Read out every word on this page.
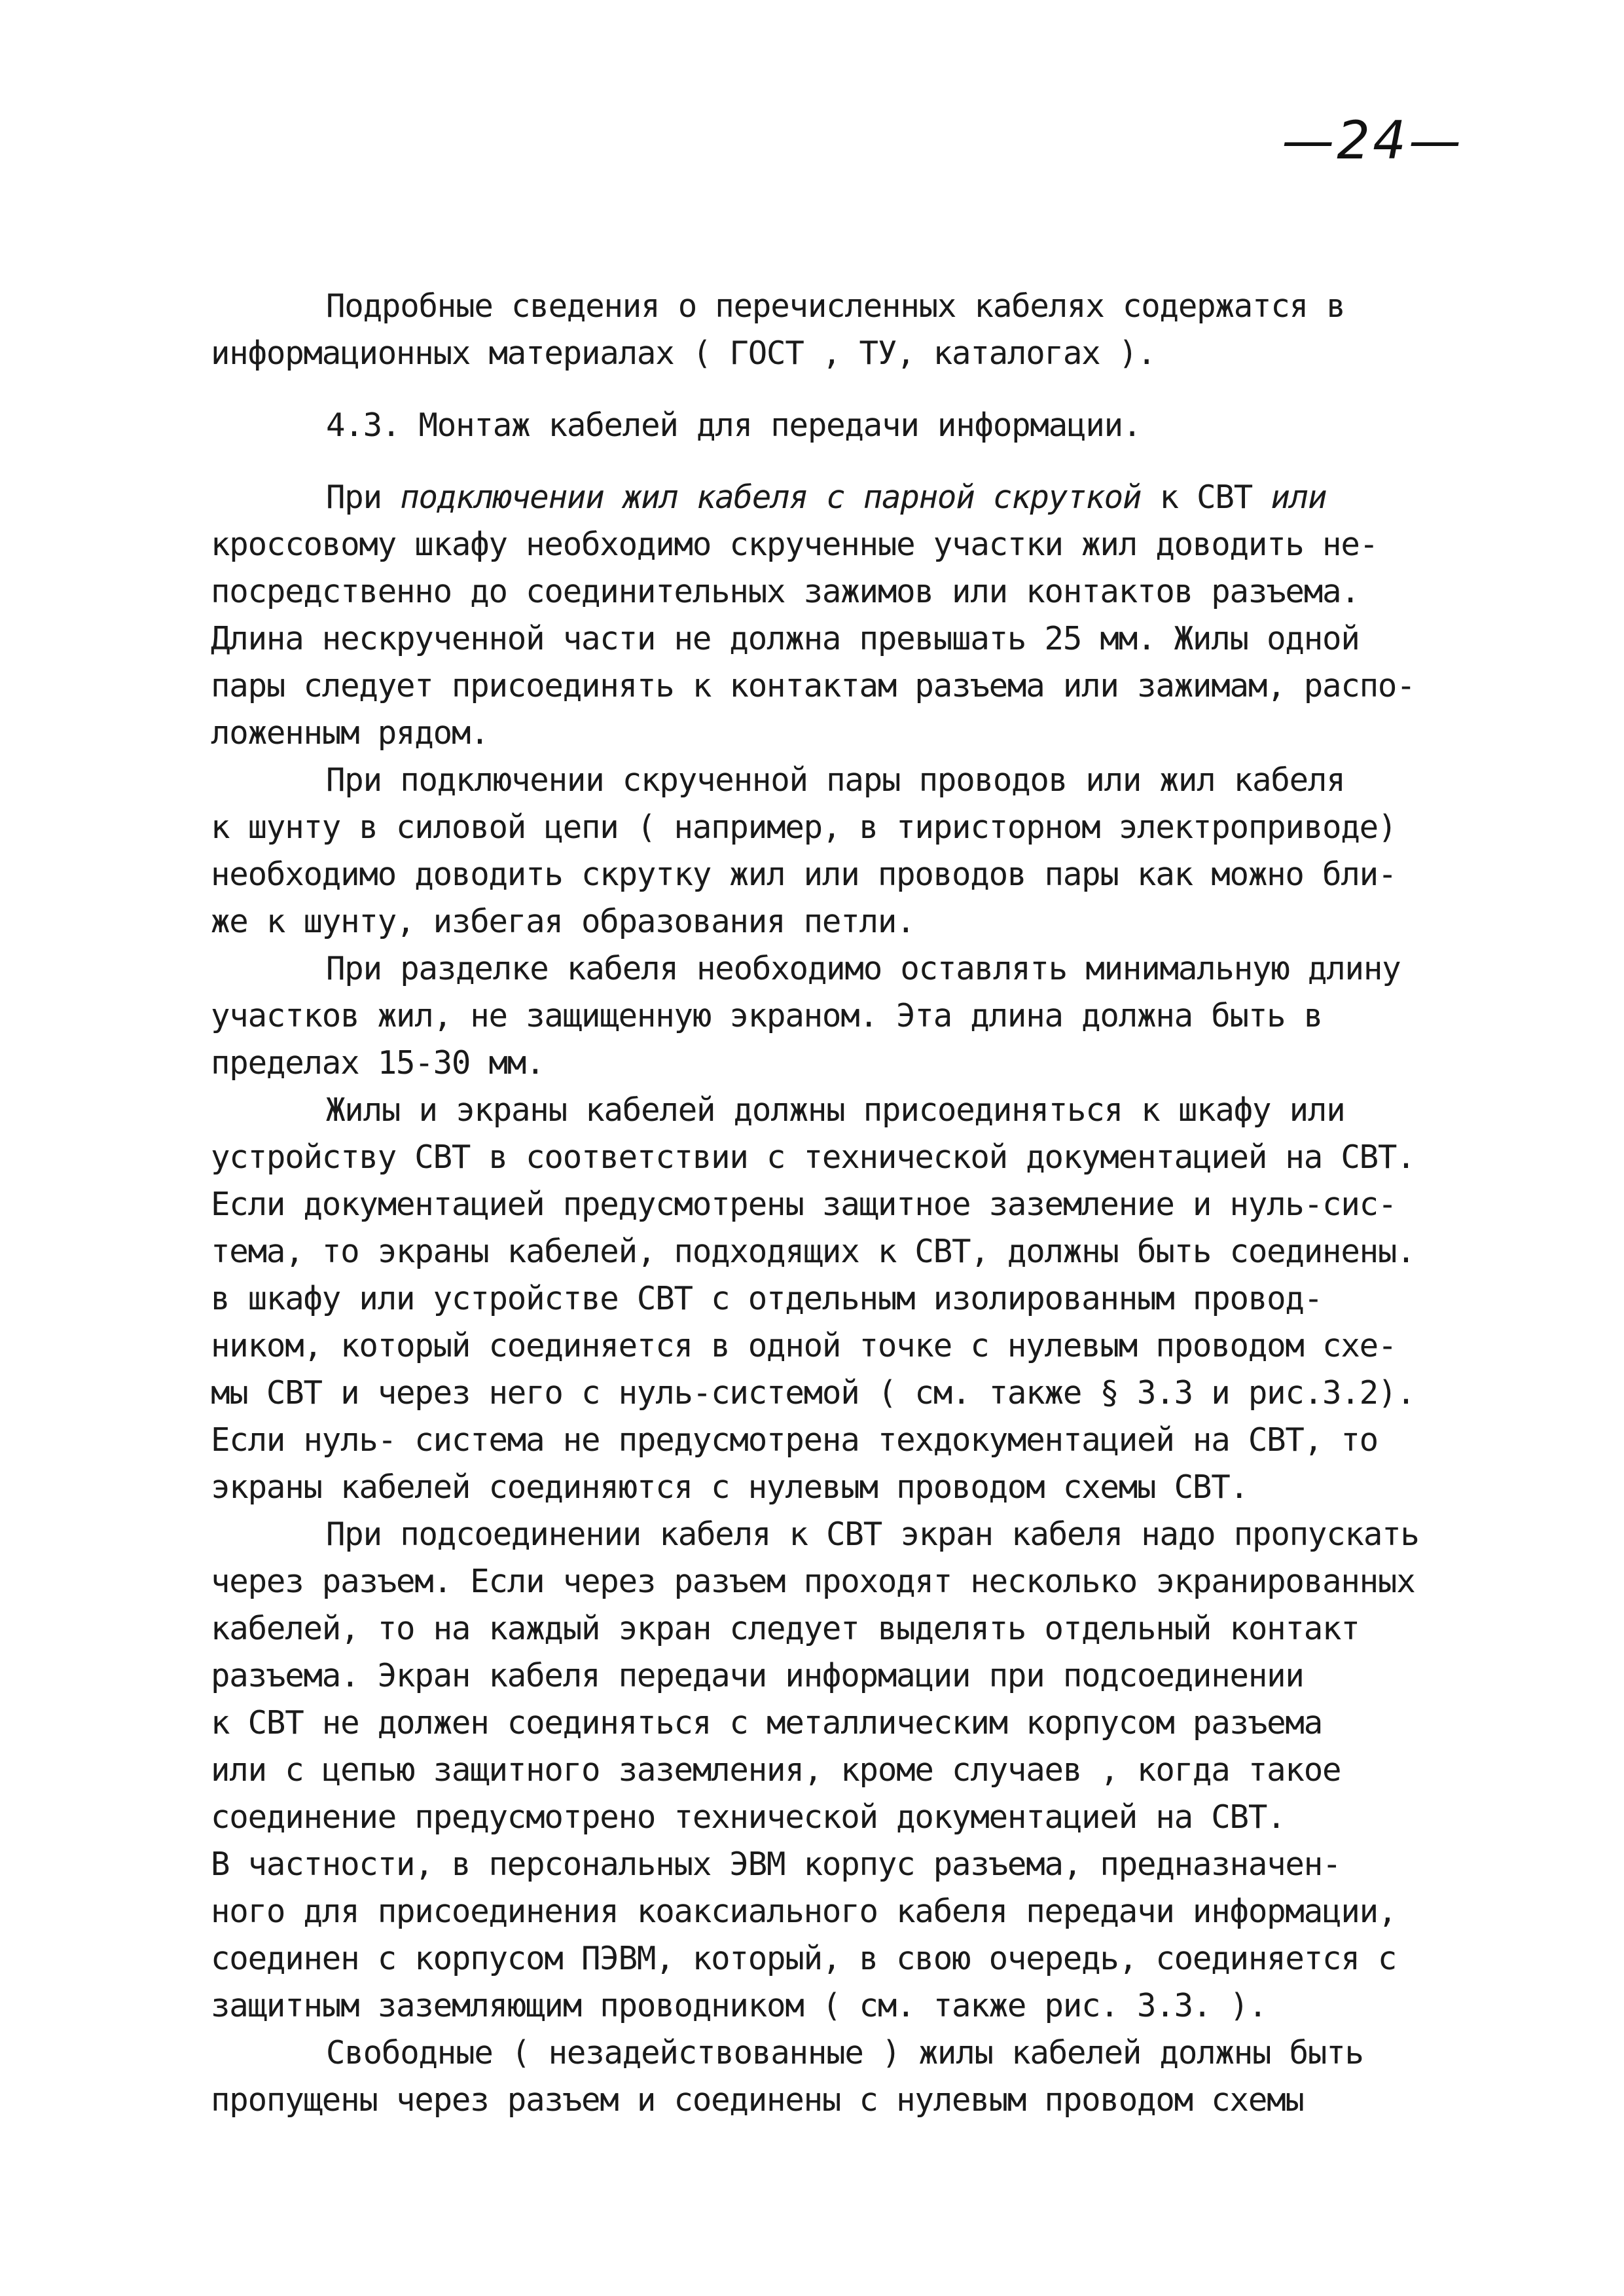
—24—
Подробные сведения о перечисленных кабелях содержатся в
информационных материалах ( ГОСТ , ТУ, каталогах ).
4.3. Монтаж кабелей для передачи информации.
При подключении жил кабеля с парной скруткой к СВТ или
кроссовому шкафу необходимо скрученные участки жил доводить не-
посредственно до соединительных зажимов или контактов разъема.
Длина нескрученной части не должна превышать 25 мм. Жилы одной
пары следует присоединять к контактам разъема или зажимам, распо-
ложенным рядом.
При подключении скрученной пары проводов или жил кабеля
к шунту в силовой цепи ( например, в тиристорном электроприводе)
необходимо доводить скрутку жил или проводов пары как можно бли-
же к шунту, избегая образования петли.
При разделке кабеля необходимо оставлять минимальную длину
участков жил, не защищенную экраном. Эта длина должна быть в
пределах 15-30 мм.
Жилы и экраны кабелей должны присоединяться к шкафу или
устройству СВТ в соответствии с технической документацией на СВТ.
Если документацией предусмотрены защитное заземление и нуль-сис-
тема, то экраны кабелей, подходящих к СВТ, должны быть соединены.
в шкафу или устройстве СВТ с отдельным изолированным провод-
ником, который соединяется в одной точке с нулевым проводом схе-
мы СВТ и через него с нуль-системой ( см. также § 3.3 и рис.3.2).
Если нуль- система не предусмотрена техдокументацией на СВТ, то
экраны кабелей соединяются с нулевым проводом схемы СВТ.
При подсоединении кабеля к СВТ экран кабеля надо пропускать
через разъем. Если через разъем проходят несколько экранированных
кабелей, то на каждый экран следует выделять отдельный контакт
разъема. Экран кабеля передачи информации при подсоединении
к СВТ не должен соединяться с металлическим корпусом разъема
или с цепью защитного заземления, кроме случаев , когда такое
соединение предусмотрено технической документацией на СВТ.
В частности, в персональных ЭВМ корпус разъема, предназначен-
ного для присоединения коаксиального кабеля передачи информации,
соединен с корпусом ПЭВМ, который, в свою очередь, соединяется с
защитным заземляющим проводником ( см. также рис. 3.3. ).
Свободные ( незадействованные ) жилы кабелей должны быть
пропущены через разъем и соединены с нулевым проводом схемы
